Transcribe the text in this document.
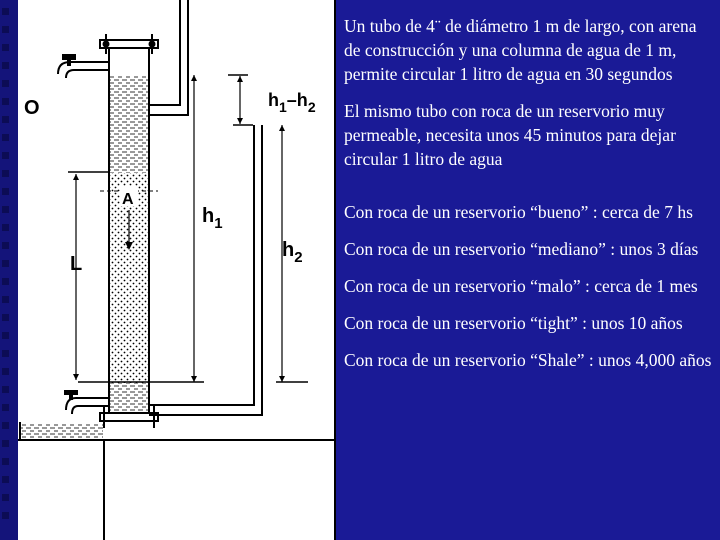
O	$h_1-h_2$
$h_1$
$h_2$
L
A

Un tubo de 4¨ de diámetro 1 m de largo, con arena de construcción y una columna de agua de 1 m, permite circular 1 litro de agua en 30 segundos

El mismo tubo con roca de un reservorio muy permeable, necesita unos 45 minutos para dejar circular 1 litro de agua

Con roca de un reservorio “bueno” : cerca de 7 hs

Con roca de un reservorio “mediano” : unos 3 días

Con roca de un reservorio “malo” : cerca de 1 mes

Con roca de un reservorio “tight” : unos 10 años

Con roca de un reservorio “Shale” : unos 4,000 años
